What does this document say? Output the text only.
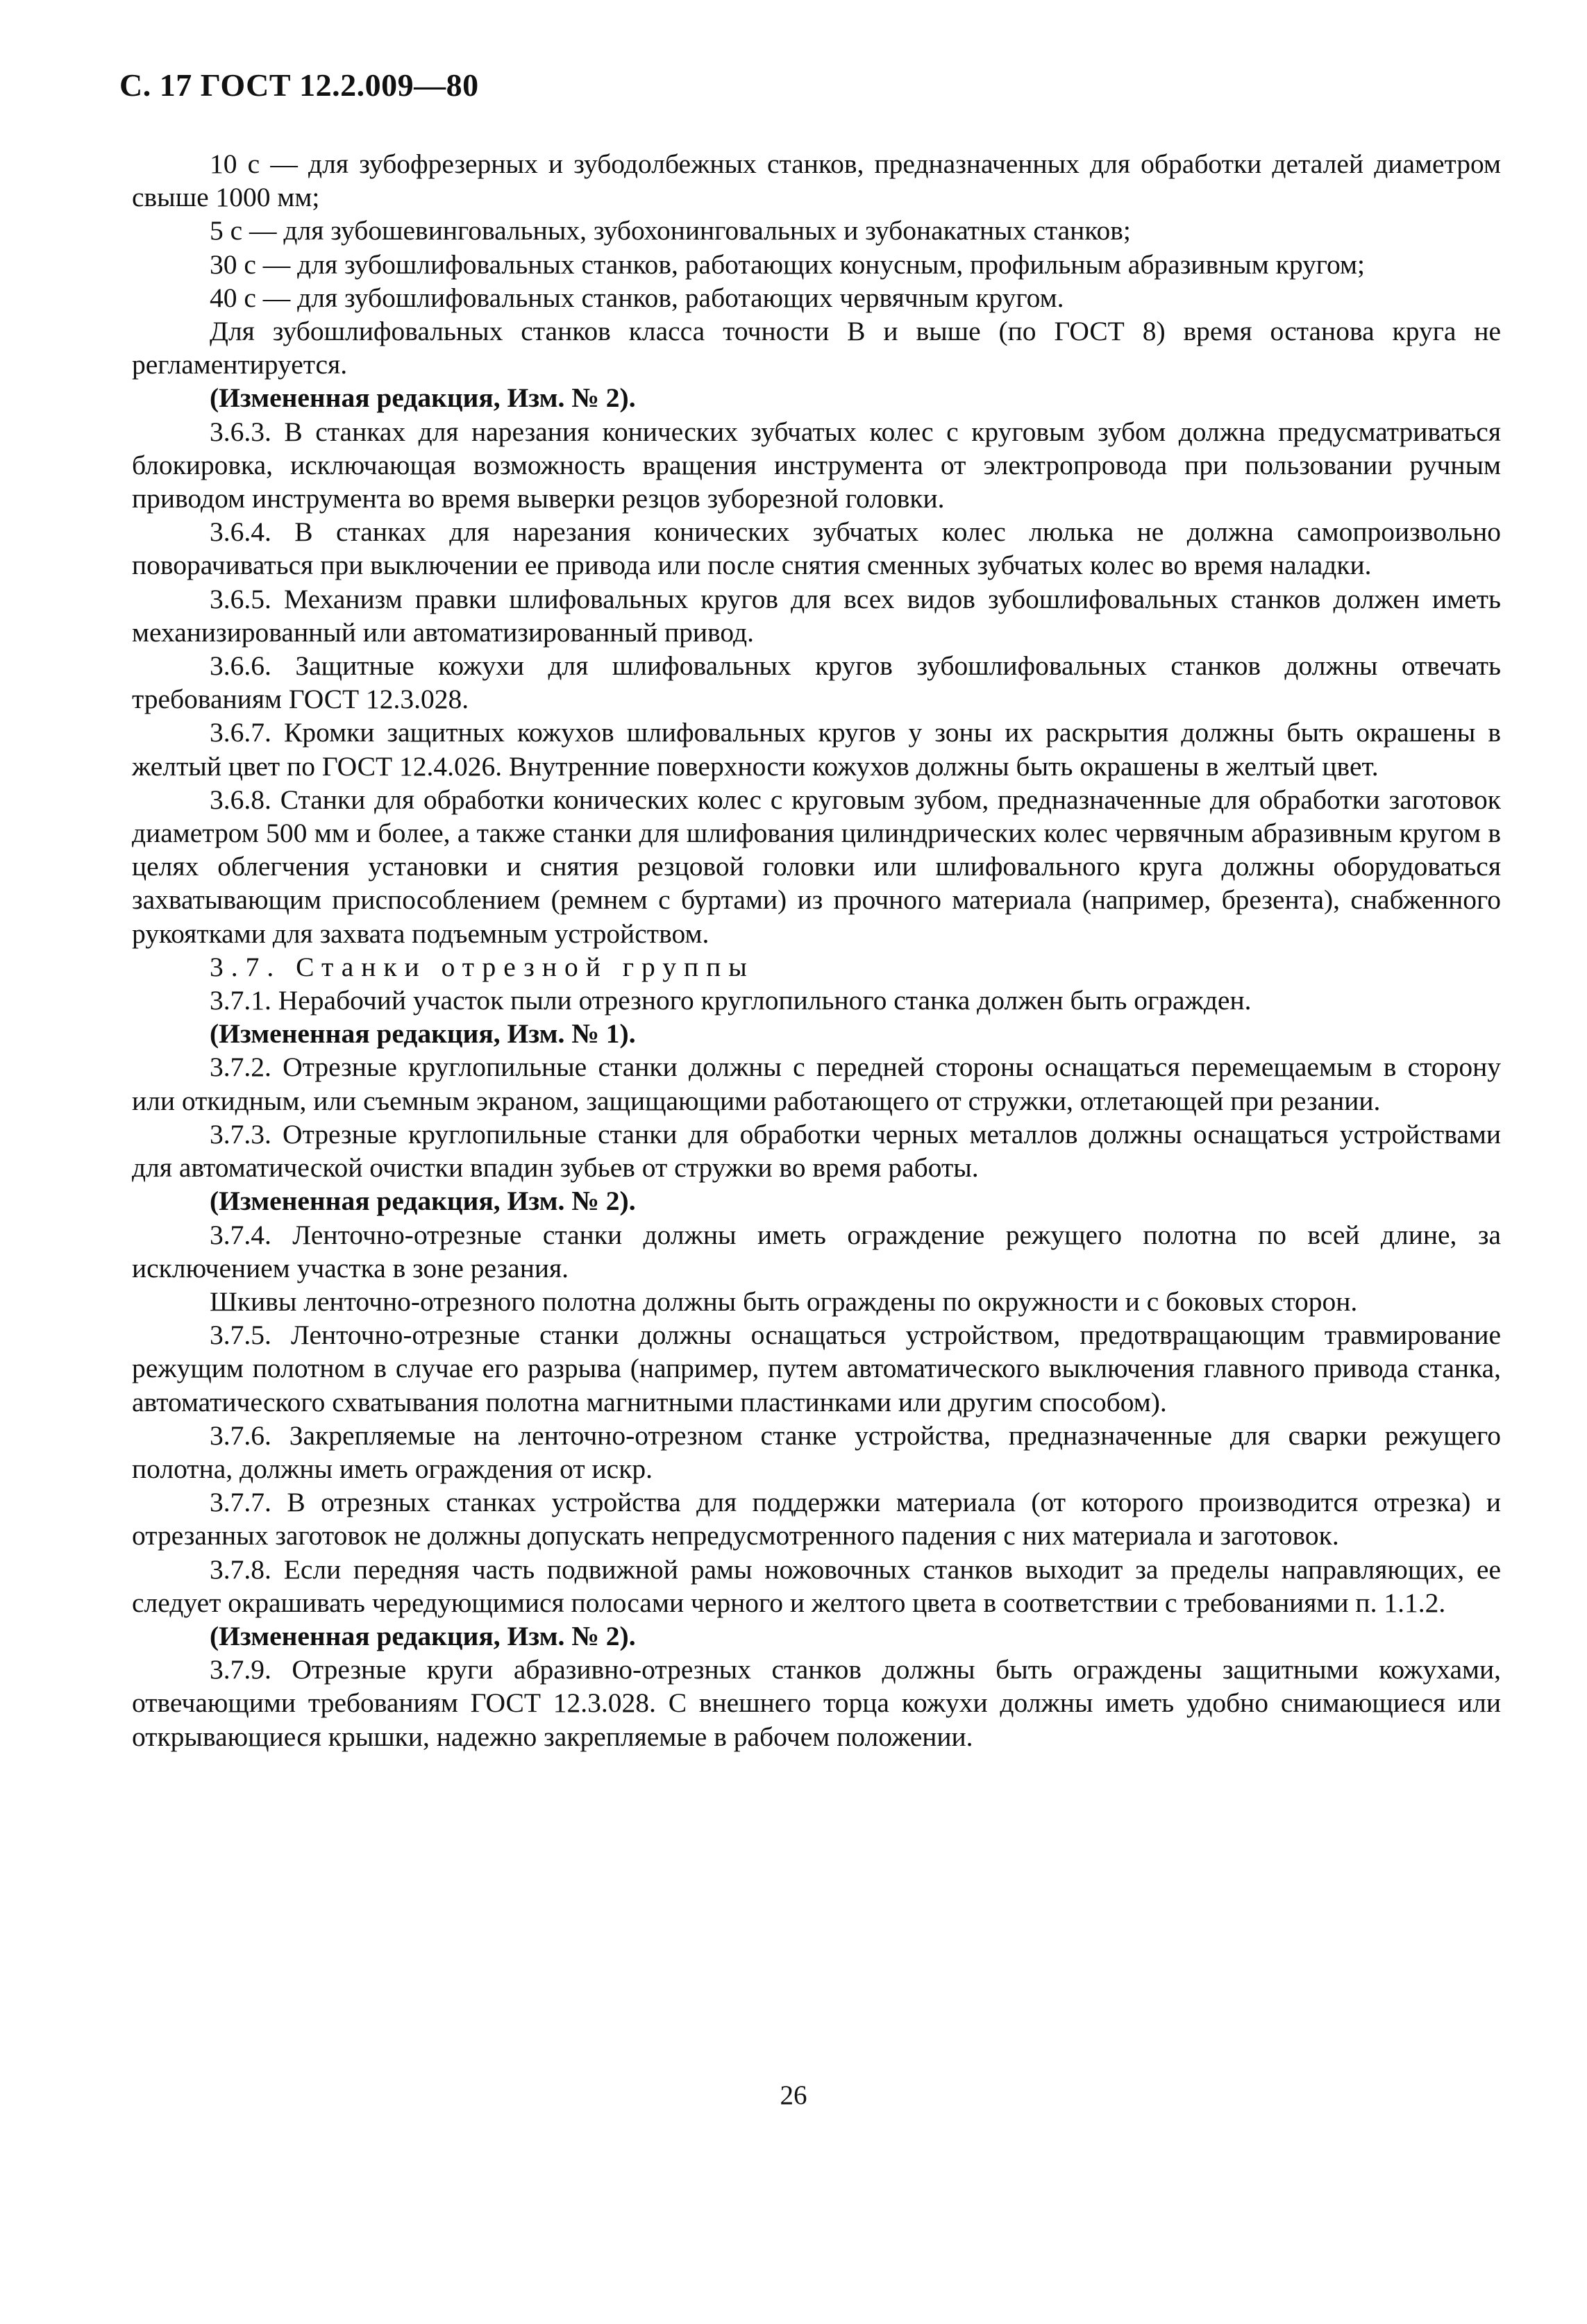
С. 17 ГОСТ 12.2.009—80

10 с — для зубофрезерных и зубодолбежных станков, предназначенных для обработки деталей диаметром свыше 1000 мм;

5 с — для зубошевинговальных, зубохонинговальных и зубонакатных станков;

30 с — для зубошлифовальных станков, работающих конусным, профильным абразивным кругом;

40 с — для зубошлифовальных станков, работающих червячным кругом.

Для зубошлифовальных станков класса точности В и выше (по ГОСТ 8) время останова круга не регламентируется.

(Измененная редакция, Изм. № 2).

3.6.3. В станках для нарезания конических зубчатых колес с круговым зубом должна предусматриваться блокировка, исключающая возможность вращения инструмента от электропровода при пользовании ручным приводом инструмента во время выверки резцов зуборезной головки.

3.6.4. В станках для нарезания конических зубчатых колес люлька не должна самопроизвольно поворачиваться при выключении ее привода или после снятия сменных зубчатых колес во время наладки.

3.6.5. Механизм правки шлифовальных кругов для всех видов зубошлифовальных станков должен иметь механизированный или автоматизированный привод.

3.6.6. Защитные кожухи для шлифовальных кругов зубошлифовальных станков должны отвечать требованиям ГОСТ 12.3.028.

3.6.7. Кромки защитных кожухов шлифовальных кругов у зоны их раскрытия должны быть окрашены в желтый цвет по ГОСТ 12.4.026. Внутренние поверхности кожухов должны быть окрашены в желтый цвет.

3.6.8. Станки для обработки конических колес с круговым зубом, предназначенные для обработки заготовок диаметром 500 мм и более, а также станки для шлифования цилиндрических колес червячным абразивным кругом в целях облегчения установки и снятия резцовой головки или шлифовального круга должны оборудоваться захватывающим приспособлением (ремнем с буртами) из прочного материала (например, брезента), снабженного рукоятками для захвата подъемным устройством.

3.7. Станки отрезной группы

3.7.1. Нерабочий участок пыли отрезного круглопильного станка должен быть огражден.

(Измененная редакция, Изм. № 1).

3.7.2. Отрезные круглопильные станки должны с передней стороны оснащаться перемещаемым в сторону или откидным, или съемным экраном, защищающими работающего от стружки, отлетающей при резании.

3.7.3. Отрезные круглопильные станки для обработки черных металлов должны оснащаться устройствами для автоматической очистки впадин зубьев от стружки во время работы.

(Измененная редакция, Изм. № 2).

3.7.4. Ленточно-отрезные станки должны иметь ограждение режущего полотна по всей длине, за исключением участка в зоне резания.

Шкивы ленточно-отрезного полотна должны быть ограждены по окружности и с боковых сторон.

3.7.5. Ленточно-отрезные станки должны оснащаться устройством, предотвращающим травмирование режущим полотном в случае его разрыва (например, путем автоматического выключения главного привода станка, автоматического схватывания полотна магнитными пластинками или другим способом).

3.7.6. Закрепляемые на ленточно-отрезном станке устройства, предназначенные для сварки режущего полотна, должны иметь ограждения от искр.

3.7.7. В отрезных станках устройства для поддержки материала (от которого производится отрезка) и отрезанных заготовок не должны допускать непредусмотренного падения с них материала и заготовок.

3.7.8. Если передняя часть подвижной рамы ножовочных станков выходит за пределы направляющих, ее следует окрашивать чередующимися полосами черного и желтого цвета в соответствии с требованиями п. 1.1.2.

(Измененная редакция, Изм. № 2).

3.7.9. Отрезные круги абразивно-отрезных станков должны быть ограждены защитными кожухами, отвечающими требованиям ГОСТ 12.3.028. С внешнего торца кожухи должны иметь удобно снимающиеся или открывающиеся крышки, надежно закрепляемые в рабочем положении.

26
